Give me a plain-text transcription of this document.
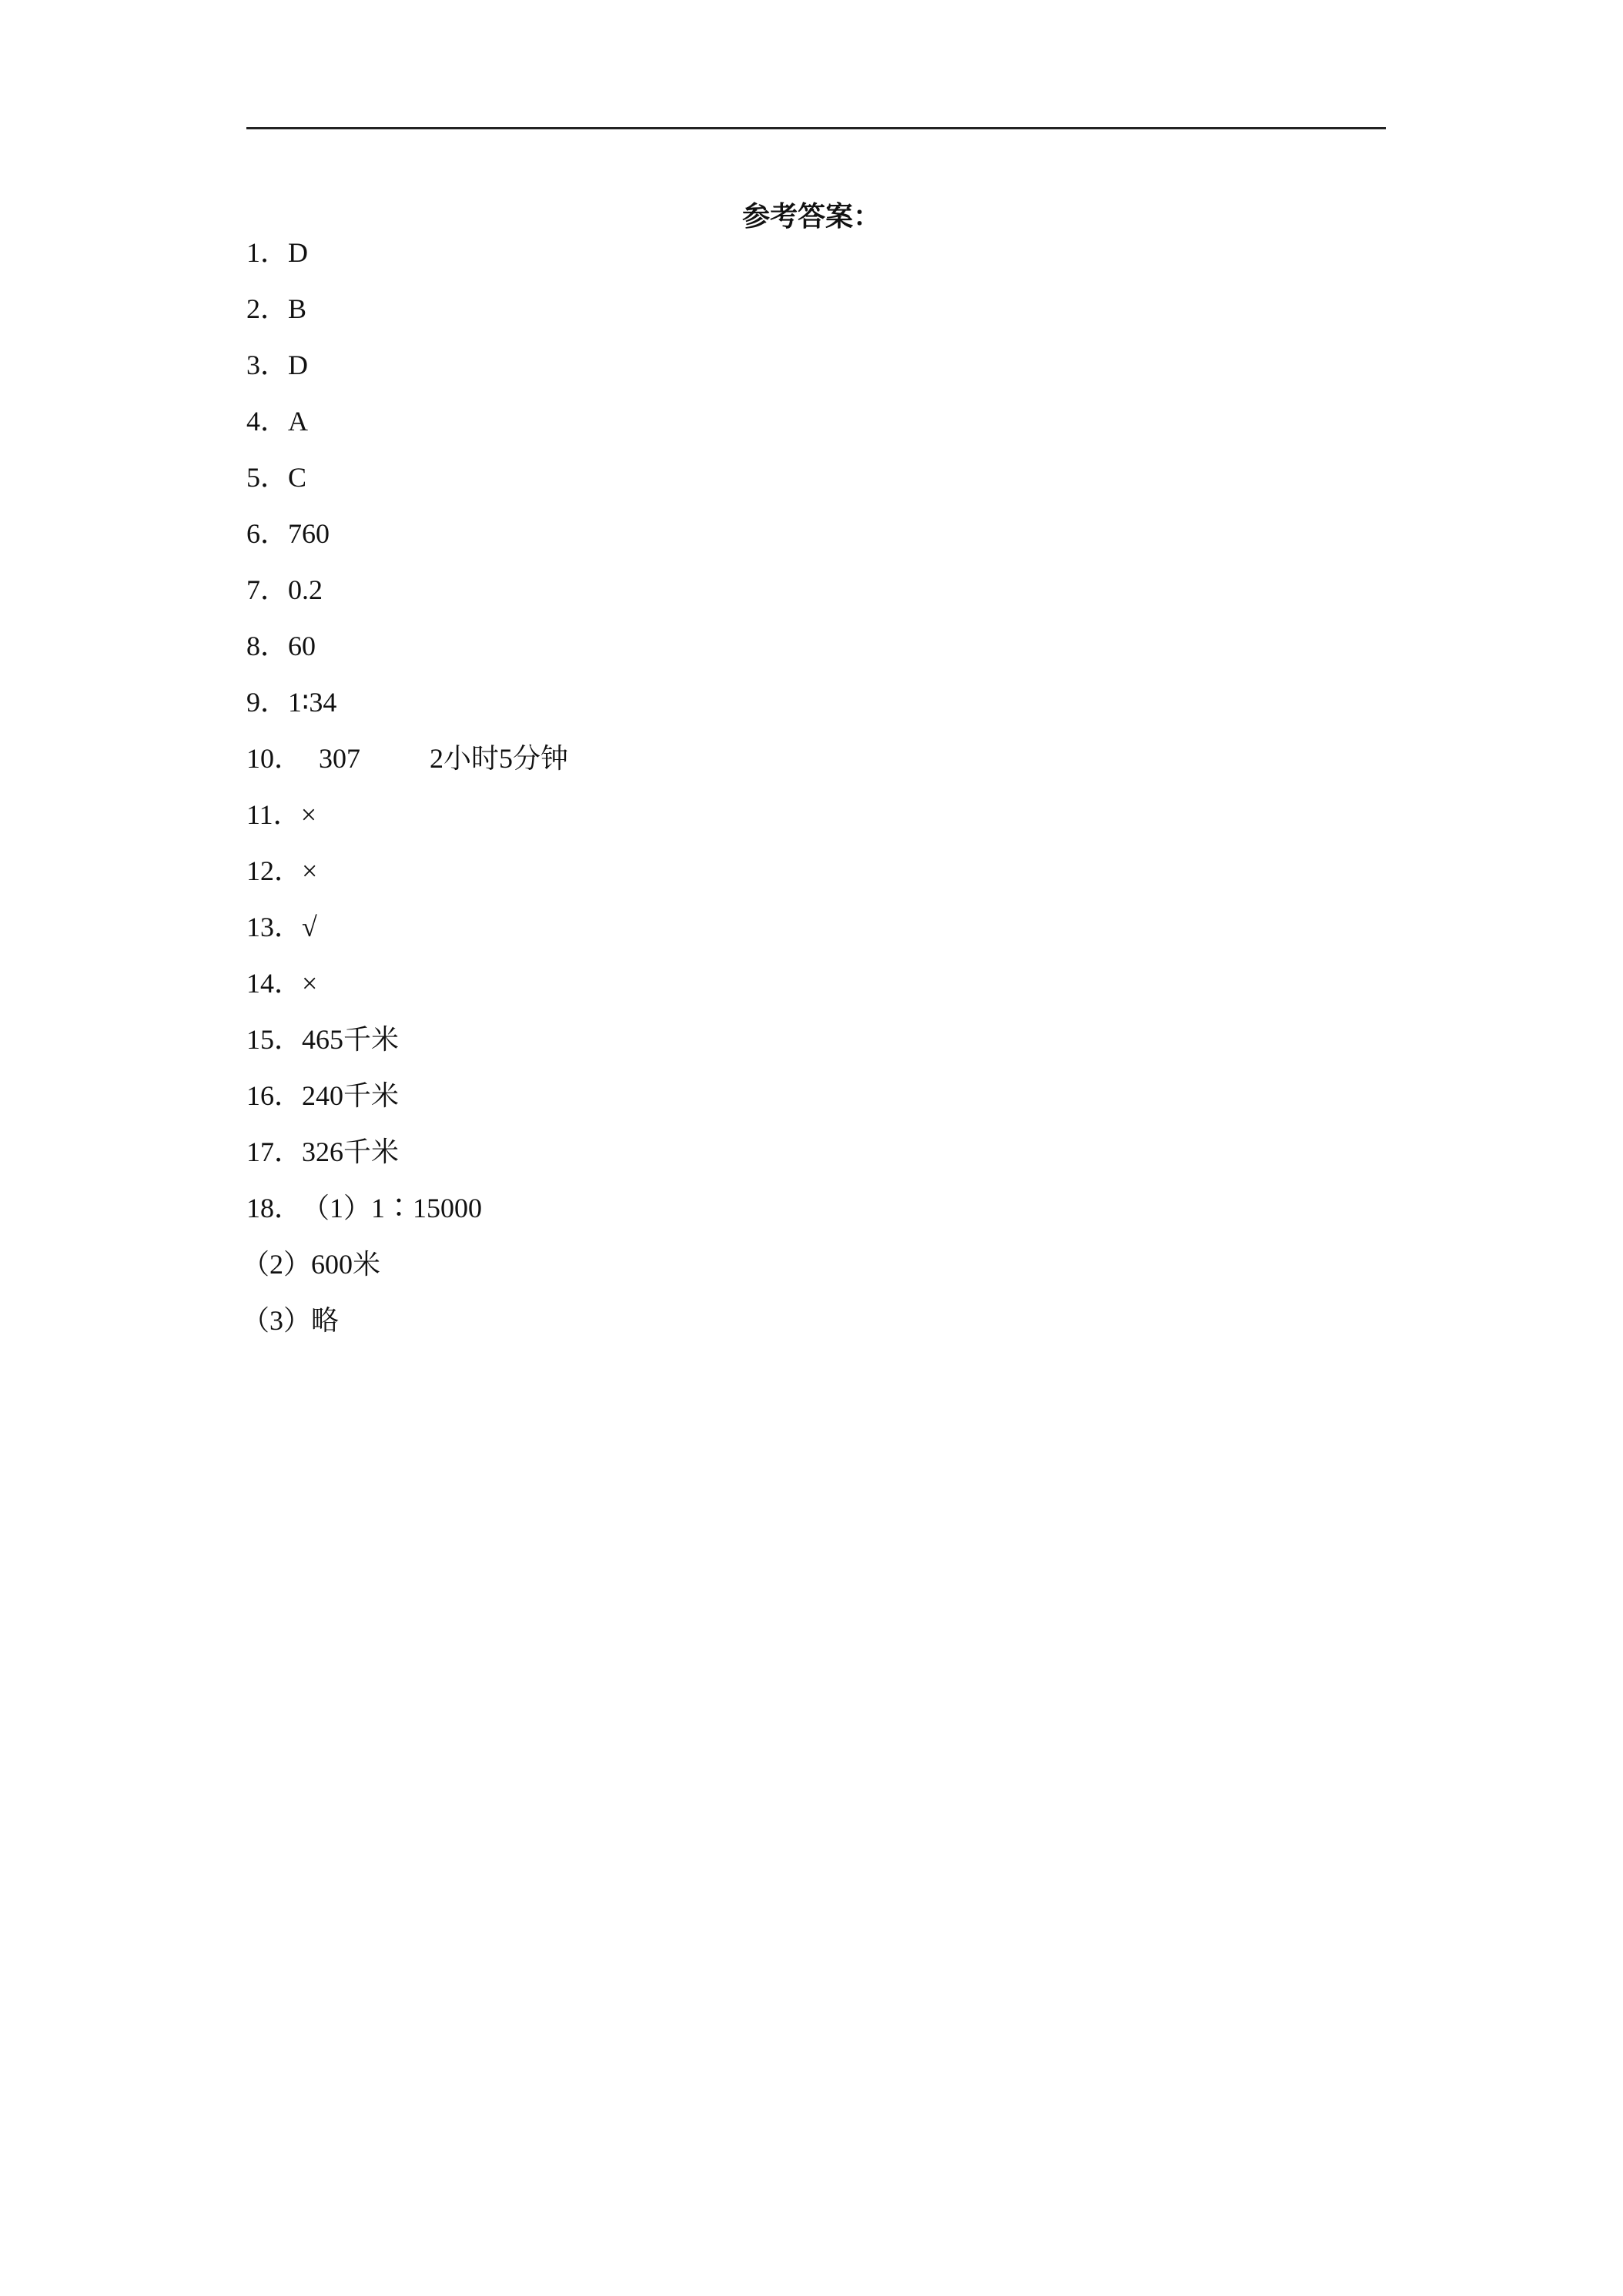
参考答案：
1．D
2．B
3．D
4．A
5．C
6．760
7．0.2
8．60
9．1∶34
10． 307	2小时5分钟
11．×
12．×
13．√
14．×
15．465千米
16．240千米
17．326千米
18．（1）1∶15000
（2）600米
（3）略
